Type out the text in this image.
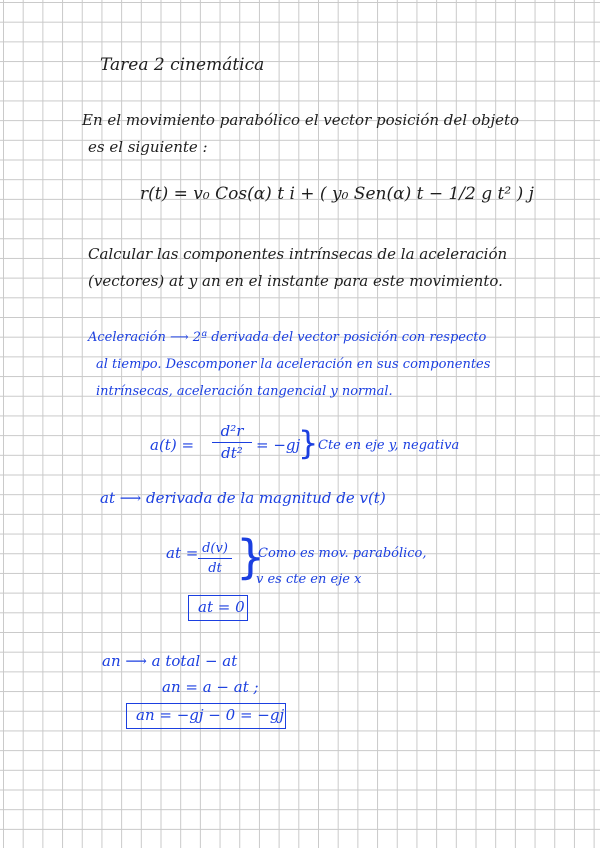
Tarea 2 cinemática
En el movimiento parabólico el vector posición del objeto
es el siguiente :
r(t) = v₀ Cos(α) t i + ( y₀ Sen(α) t − 1/2 g t² ) j
Calcular las componentes intrínsecas de la aceleración
(vectores) at y an en el instante para este movimiento.
Aceleración ⟶ 2ª derivada del vector posición con respecto
al tiempo. Descomponer la aceleración en sus componentes
intrínsecas, aceleración tangencial y normal.
a(t) =
d²r
dt² = −gj
} Cte en eje y, negativa
at ⟶ derivada de la magnitud de v(t)
at = d(v)
dt }
Como es mov. parabólico,
v es cte en eje x
at = 0
an ⟶ a total − at
an = a − at ;
an = −gj − 0 = −gj
